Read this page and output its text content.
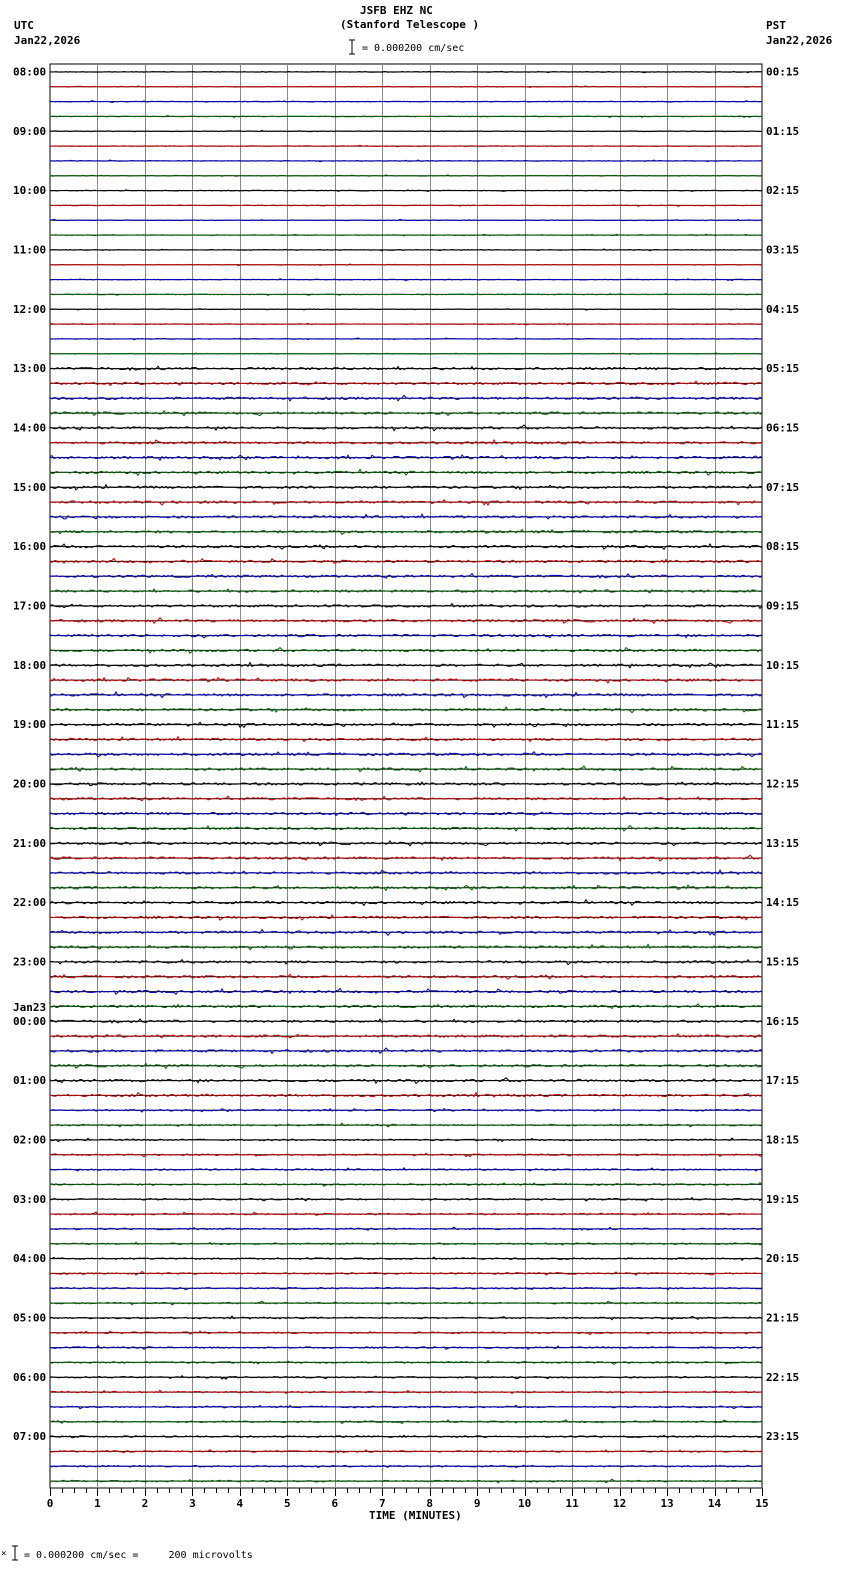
JSFB EHZ NC
(Stanford Telescope )
UTC
Jan22,2026
PST
Jan22,2026
= 0.000200 cm/sec
08:00
09:00
10:00
11:00
12:00
13:00
14:00
15:00
16:00
17:00
18:00
19:00
20:00
21:00
22:00
23:00
00:00
Jan23
01:00
02:00
03:00
04:00
05:00
06:00
07:00
00:15
01:15
02:15
03:15
04:15
05:15
06:15
07:15
08:15
09:15
10:15
11:15
12:15
13:15
14:15
15:15
16:15
17:15
18:15
19:15
20:15
21:15
22:15
23:15
0	1	2	3	4	5	6	7	8	9	10	11	12	13	14	15
TIME (MINUTES)
× = 0.000200 cm/sec =     200 microvolts
